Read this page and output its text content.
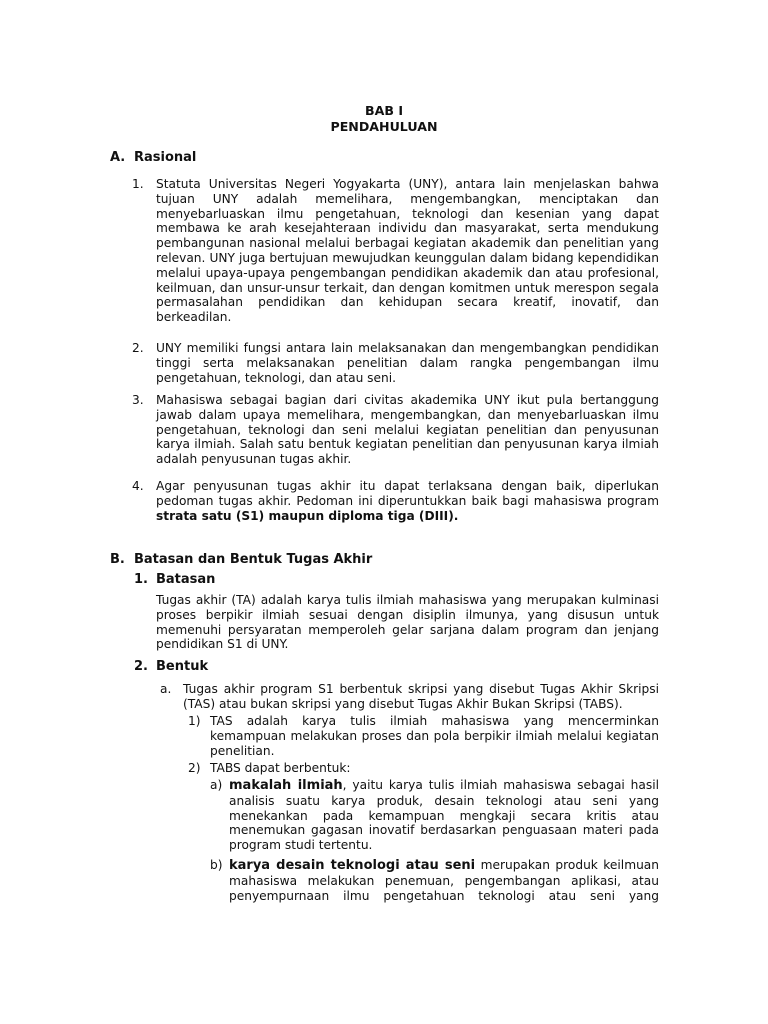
BAB I
PENDAHULUAN
A. Rasional
1. Statuta Universitas Negeri Yogyakarta (UNY), antara lain menjelaskan bahwa tujuan UNY adalah memelihara, mengembangkan, menciptakan dan menyebarluaskan ilmu pengetahuan, teknologi dan kesenian yang dapat membawa ke arah kesejahteraan individu dan masyarakat, serta mendukung pembangunan nasional melalui berbagai kegiatan akademik dan penelitian yang relevan. UNY juga bertujuan mewujudkan keunggulan dalam bidang kependidikan melalui upaya-upaya pengembangan pendidikan akademik dan atau profesional, keilmuan, dan unsur-unsur terkait, dan dengan komitmen untuk merespon segala permasalahan pendidikan dan kehidupan secara kreatif, inovatif, dan berkeadilan.
2. UNY memiliki fungsi antara lain melaksanakan dan mengembangkan pendidikan tinggi serta melaksanakan penelitian dalam rangka pengembangan ilmu pengetahuan, teknologi, dan atau seni.
3. Mahasiswa sebagai bagian dari civitas akademika UNY ikut pula bertanggung jawab dalam upaya memelihara, mengembangkan, dan menyebarluaskan ilmu pengetahuan, teknologi dan seni melalui kegiatan penelitian dan penyusunan karya ilmiah. Salah satu bentuk kegiatan penelitian dan penyusunan karya ilmiah adalah penyusunan tugas akhir.
4. Agar penyusunan tugas akhir itu dapat terlaksana dengan baik, diperlukan pedoman tugas akhir. Pedoman ini diperuntukkan baik bagi mahasiswa program strata satu (S1) maupun diploma tiga (DIII).
B. Batasan dan Bentuk Tugas Akhir
1. Batasan
Tugas akhir (TA) adalah karya tulis ilmiah mahasiswa yang merupakan kulminasi proses berpikir ilmiah sesuai dengan disiplin ilmunya, yang disusun untuk memenuhi persyaratan memperoleh gelar sarjana dalam program dan jenjang pendidikan S1 di UNY.
2. Bentuk
a. Tugas akhir program S1 berbentuk skripsi yang disebut Tugas Akhir Skripsi (TAS) atau bukan skripsi yang disebut Tugas Akhir Bukan Skripsi (TABS).
1) TAS adalah karya tulis ilmiah mahasiswa yang mencerminkan kemampuan melakukan proses dan pola berpikir ilmiah melalui kegiatan penelitian.
2) TABS dapat berbentuk:
a) makalah ilmiah, yaitu karya tulis ilmiah mahasiswa sebagai hasil analisis suatu karya produk, desain teknologi atau seni yang menekankan pada kemampuan mengkaji secara kritis atau menemukan gagasan inovatif berdasarkan penguasaan materi pada program studi tertentu.
b) karya desain teknologi atau seni merupakan produk keilmuan mahasiswa melakukan penemuan, pengembangan aplikasi, atau penyempurnaan ilmu pengetahuan teknologi atau seni yang
